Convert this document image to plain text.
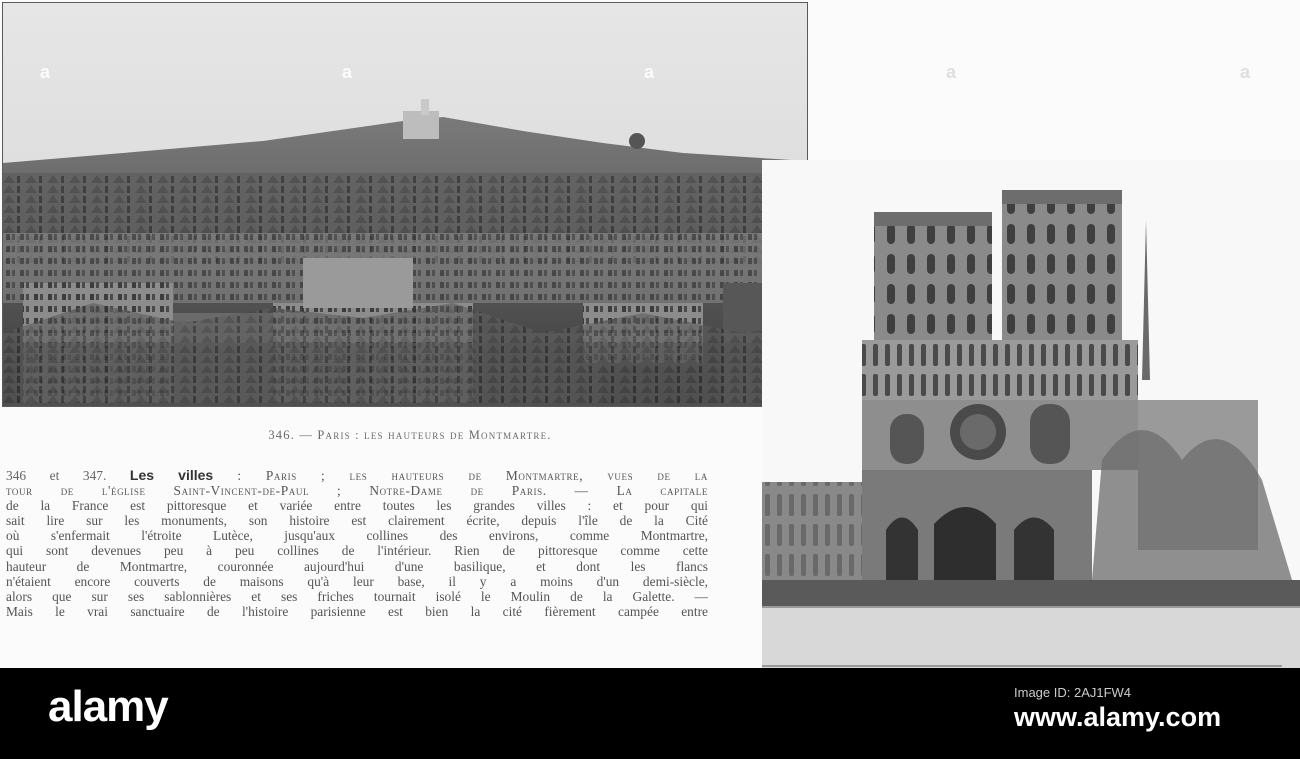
a	a	a	a	a
346. — Paris : les hauteurs de Montmartre.
346 et 347. Les villes : Paris ; les hauteurs de Montmartre, vues de la
tour de l'église Saint-Vincent-de-Paul ; Notre-Dame de Paris. — La capitale
de la France est pittoresque et variée entre toutes les grandes villes : et pour qui
sait lire sur les monuments, son histoire est clairement écrite, depuis l'île de la Cité
où s'enfermait l'étroite Lutèce, jusqu'aux collines des environs, comme Montmartre,
qui sont devenues peu à peu collines de l'intérieur. Rien de pittoresque comme cette
hauteur de Montmartre, couronnée aujourd'hui d'une basilique, et dont les flancs
n'étaient encore couverts de maisons qu'à leur base, il y a moins d'un demi-siècle,
alors que sur ses sablonnières et ses friches tournait isolé le Moulin de la Galette. —
Mais le vrai sanctuaire de l'histoire parisienne est bien la cité fièrement campée entre
alamy	Image ID: 2AJ1FW4
www.alamy.com
